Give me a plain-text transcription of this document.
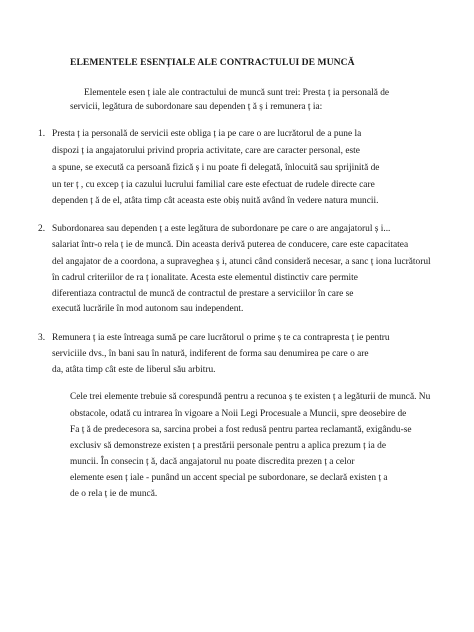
ELEMENTELE ESENȚIALE ALE CONTRACTULUI DE MUNCĂ
Elementele esen ț iale ale contractului de muncă sunt trei: Presta ț ia personală de
servicii, legătura de subordonare sau dependen ț ă ș i remunera ț ia:
1. Presta ț ia personală de servicii este obliga ț ia pe care o are lucrătorul de a pune la
dispozi ț ia angajatorului privind propria activitate, care are caracter personal, este
a spune, se execută ca persoană fizică ș i nu poate fi delegată, înlocuită sau sprijinită de
un ter ț , cu excep ț ia cazului lucrului familial care este efectuat de rudele directe care
dependen ț ă de el, atâta timp cât aceasta este obiș nuită având în vedere natura muncii.
2. Subordonarea sau dependen ț a este legătura de subordonare pe care o are angajatorul ș i...
salariat într-o rela ț ie de muncă. Din aceasta derivă puterea de conducere, care este capacitatea
del angajator de a coordona, a supraveghea ș i, atunci când consideră necesar, a sanc ț iona lucrătorul
în cadrul criteriilor de ra ț ionalitate. Acesta este elementul distinctiv care permite
diferentiaza contractul de muncă de contractul de prestare a serviciilor în care se
execută lucrările în mod autonom sau independent.
3. Remunera ț ia este întreaga sumă pe care lucrătorul o prime ș te ca contrapresta ț ie pentru
serviciile dvs., în bani sau în natură, indiferent de forma sau denumirea pe care o are
da, atâta timp cât este de liberul său arbitru.
Cele trei elemente trebuie să corespundă pentru a recunoa ș te existen ț a legăturii de muncă. Nu
obstacole, odată cu intrarea în vigoare a Noii Legi Procesuale a Muncii, spre deosebire de
Fa ț ă de predecesora sa, sarcina probei a fost redusă pentru partea reclamantă, exigându-se
exclusiv să demonstreze existen ț a prestării personale pentru a aplica prezum ț ia de
muncii. În consecin ț ă, dacă angajatorul nu poate discredita prezen ț a celor
elemente esen ț iale - punând un accent special pe subordonare, se declară existen ț a
de o rela ț ie de muncă.
